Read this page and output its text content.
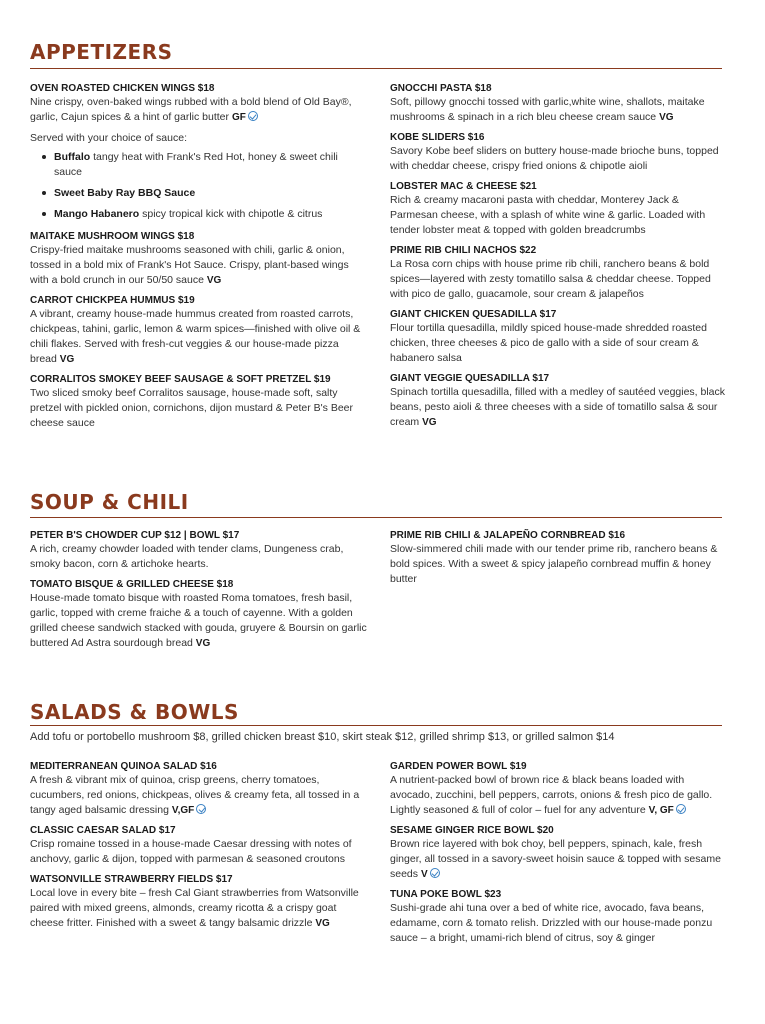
APPETIZERS
OVEN ROASTED CHICKEN WINGS $18
Nine crispy, oven-baked wings rubbed with a bold blend of Old Bay®, garlic, Cajun spices & a hint of garlic butter GF
Served with your choice of sauce:
Buffalo tangy heat with Frank's Red Hot, honey & sweet chili sauce
Sweet Baby Ray BBQ Sauce
Mango Habanero spicy tropical kick with chipotle & citrus
MAITAKE MUSHROOM WINGS $18
Crispy-fried maitake mushrooms seasoned with chili, garlic & onion, tossed in a bold mix of Frank's Hot Sauce. Crispy, plant-based wings with a bold crunch in our 50/50 sauce VG
CARROT CHICKPEA HUMMUS $19
A vibrant, creamy house-made hummus created from roasted carrots, chickpeas, tahini, garlic, lemon & warm spices—finished with olive oil & chili flakes. Served with fresh-cut veggies & our house-made pizza bread VG
CORRALITOS SMOKEY BEEF SAUSAGE & SOFT PRETZEL $19
Two sliced smoky beef Corralitos sausage, house-made soft, salty pretzel with pickled onion, cornichons, dijon mustard & Peter B's Beer cheese sauce
GNOCCHI PASTA $18
Soft, pillowy gnocchi tossed with garlic,white wine, shallots, maitake mushrooms & spinach in a rich bleu cheese cream sauce VG
KOBE SLIDERS $16
Savory Kobe beef sliders on buttery house-made brioche buns, topped with cheddar cheese, crispy fried onions & chipotle aioli
LOBSTER MAC & CHEESE $21
Rich & creamy macaroni pasta with cheddar, Monterey Jack & Parmesan cheese, with a splash of white wine & garlic. Loaded with tender lobster meat & topped with golden breadcrumbs
PRIME RIB CHILI NACHOS $22
La Rosa corn chips with house prime rib chili, ranchero beans & bold spices—layered with zesty tomatillo salsa & cheddar cheese. Topped with pico de gallo, guacamole, sour cream & jalapeños
GIANT CHICKEN QUESADILLA $17
Flour tortilla quesadilla, mildly spiced house-made shredded roasted chicken, three cheeses & pico de gallo with a side of sour cream & habanero salsa
GIANT VEGGIE QUESADILLA $17
Spinach tortilla quesadilla, filled with a medley of sautéed veggies, black beans, pesto aioli & three cheeses with a side of tomatillo salsa & sour cream VG
SOUP & CHILI
PETER B'S CHOWDER CUP $12 | BOWL $17
A rich, creamy chowder loaded with tender clams, Dungeness crab, smoky bacon, corn & artichoke hearts.
TOMATO BISQUE & GRILLED CHEESE $18
House-made tomato bisque with roasted Roma tomatoes, fresh basil, garlic, topped with creme fraiche & a touch of cayenne. With a golden grilled cheese sandwich stacked with gouda, gruyere & Boursin on garlic buttered Ad Astra sourdough bread VG
PRIME RIB CHILI & JALAPEÑO CORNBREAD $16
Slow-simmered chili made with our tender prime rib, ranchero beans & bold spices. With a sweet & spicy jalapeño cornbread muffin & honey butter
SALADS & BOWLS
Add tofu or portobello mushroom $8, grilled chicken breast $10, skirt steak $12, grilled shrimp $13, or grilled salmon $14
MEDITERRANEAN QUINOA SALAD $16
A fresh & vibrant mix of quinoa, crisp greens, cherry tomatoes, cucumbers, red onions, chickpeas, olives & creamy feta, all tossed in a tangy aged balsamic dressing V,GF
CLASSIC CAESAR SALAD $17
Crisp romaine tossed in a house-made Caesar dressing with notes of anchovy, garlic & dijon, topped with parmesan & seasoned croutons
WATSONVILLE STRAWBERRY FIELDS $17
Local love in every bite – fresh Cal Giant strawberries from Watsonville paired with mixed greens, almonds, creamy ricotta & a crispy goat cheese fritter. Finished with a sweet & tangy balsamic drizzle VG
GARDEN POWER BOWL $19
A nutrient-packed bowl of brown rice & black beans loaded with avocado, zucchini, bell peppers, carrots, onions & fresh pico de gallo. Lightly seasoned & full of color – fuel for any adventure V, GF
SESAME GINGER RICE BOWL $20
Brown rice layered with bok choy, bell peppers, spinach, kale, fresh ginger, all tossed in a savory-sweet hoisin sauce & topped with sesame seeds V
TUNA POKE BOWL $23
Sushi-grade ahi tuna over a bed of white rice, avocado, fava beans, edamame, corn & tomato relish. Drizzled with our house-made ponzu sauce – a bright, umami-rich blend of citrus, soy & ginger
